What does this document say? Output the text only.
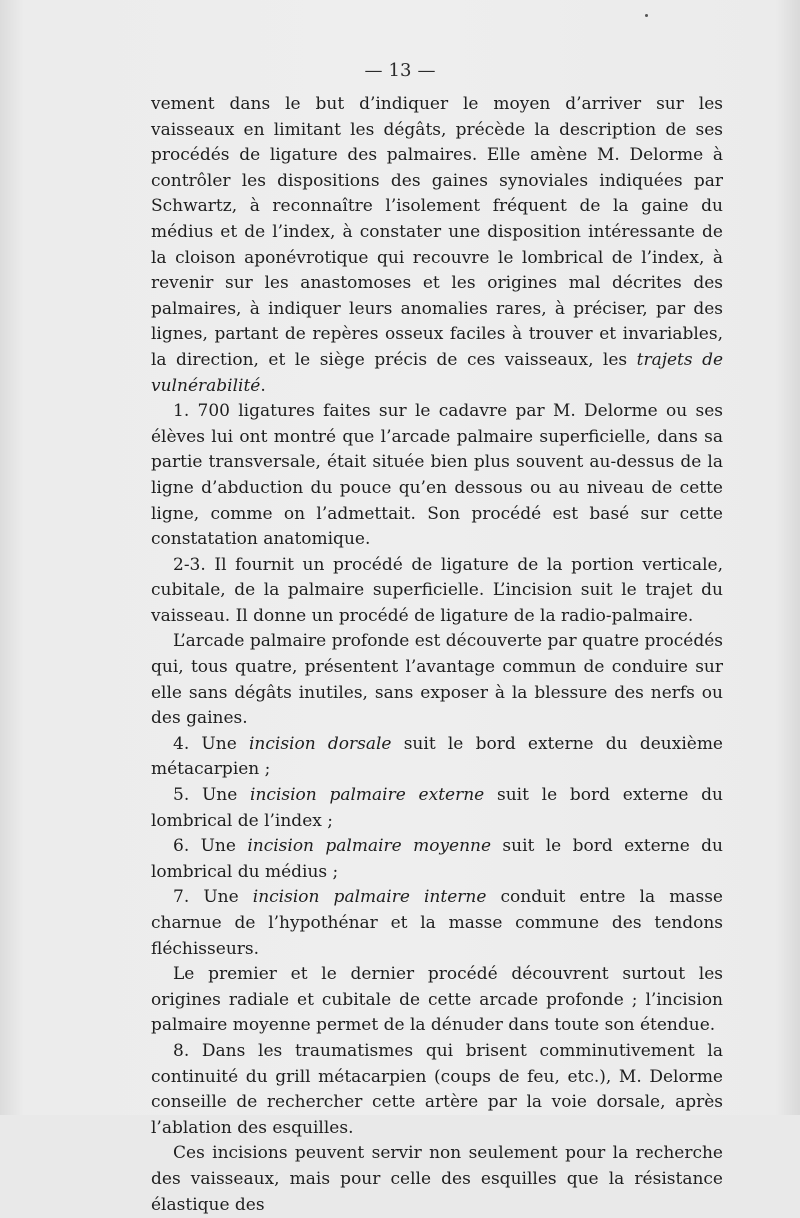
— 13 —

vement dans le but d’indiquer le moyen d’arriver sur les vaisseaux en limitant les dégâts, précède la description de ses procédés de ligature des palmaires. Elle amène M. Delorme à contrôler les dispositions des gaines synoviales indiquées par Schwartz, à reconnaître l’isolement fréquent de la gaine du médius et de l’index, à constater une disposition intéressante de la cloison aponévrotique qui recouvre le lombrical de l’index, à revenir sur les anastomoses et les origines mal décrites des palmaires, à indiquer leurs anomalies rares, à préciser, par des lignes, partant de repères osseux faciles à trouver et invariables, la direction, et le siège précis de ces vaisseaux, les trajets de vulnérabilité.

1. 700 ligatures faites sur le cadavre par M. Delorme ou ses élèves lui ont montré que l’arcade palmaire superficielle, dans sa partie transversale, était située bien plus souvent au-dessus de la ligne d’abduction du pouce qu’en dessous ou au niveau de cette ligne, comme on l’admettait. Son procédé est basé sur cette constatation anatomique.

2-3. Il fournit un procédé de ligature de la portion verticale, cubitale, de la palmaire superficielle. L’incision suit le trajet du vaisseau. Il donne un procédé de ligature de la radio-palmaire.

L’arcade palmaire profonde est découverte par quatre procédés qui, tous quatre, présentent l’avantage commun de conduire sur elle sans dégâts inutiles, sans exposer à la blessure des nerfs ou des gaines.

4. Une incision dorsale suit le bord externe du deuxième métacarpien ;

5. Une incision palmaire externe suit le bord externe du lombrical de l’index ;

6. Une incision palmaire moyenne suit le bord externe du lombrical du médius ;

7. Une incision palmaire interne conduit entre la masse charnue de l’hypothénar et la masse commune des tendons fléchisseurs.

Le premier et le dernier procédé découvrent surtout les origines radiale et cubitale de cette arcade profonde ; l’incision palmaire moyenne permet de la dénuder dans toute son étendue.

8. Dans les traumatismes qui brisent comminutivement la continuité du grill métacarpien (coups de feu, etc.), M. Delorme conseille de rechercher cette artère par la voie dorsale, après l’ablation des esquilles.

Ces incisions peuvent servir non seulement pour la recherche des vaisseaux, mais pour celle des esquilles que la résistance élastique des
